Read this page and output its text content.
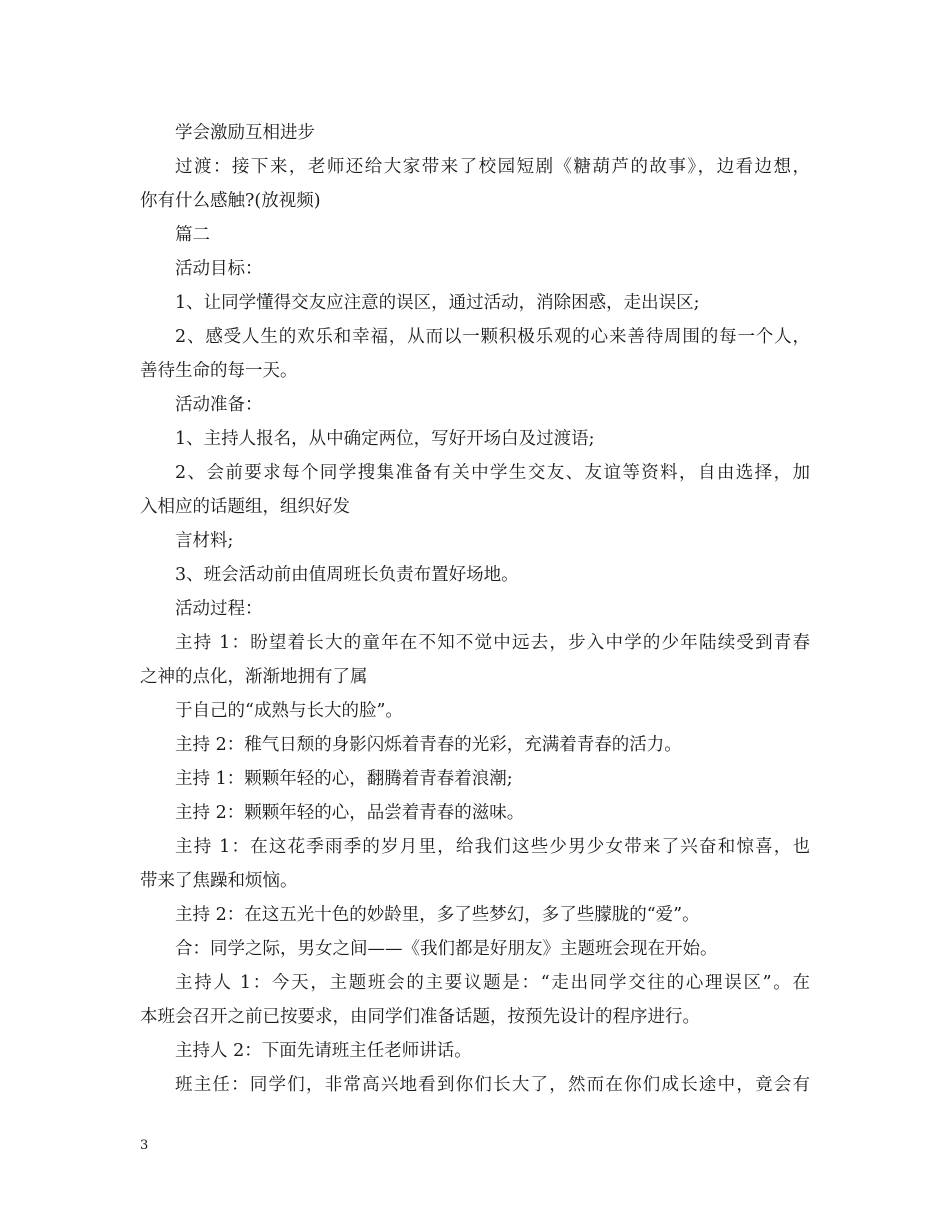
学会激励互相进步
过渡：接下来，老师还给大家带来了校园短剧《糖葫芦的故事》，边看边想，
你有什么感触?(放视频)
篇二
活动目标：
1、让同学懂得交友应注意的误区，通过活动，消除困惑，走出误区;
2、感受人生的欢乐和幸福，从而以一颗积极乐观的心来善待周围的每一个人，
善待生命的每一天。
活动准备：
1、主持人报名，从中确定两位，写好开场白及过渡语;
2、会前要求每个同学搜集准备有关中学生交友、友谊等资料，自由选择，加
入相应的话题组，组织好发
言材料;
3、班会活动前由值周班长负责布置好场地。
活动过程：
主持 1：盼望着长大的童年在不知不觉中远去，步入中学的少年陆续受到青春
之神的点化，渐渐地拥有了属
于自己的“成熟与长大的脸”。
主持 2：稚气日颓的身影闪烁着青春的光彩，充满着青春的活力。
主持 1：颗颗年轻的心，翻腾着青春着浪潮;
主持 2：颗颗年轻的心，品尝着青春的滋味。
主持 1：在这花季雨季的岁月里，给我们这些少男少女带来了兴奋和惊喜，也
带来了焦躁和烦恼。
主持 2：在这五光十色的妙龄里，多了些梦幻，多了些朦胧的“爱”。
合：同学之际，男女之间——《我们都是好朋友》主题班会现在开始。
主持人 1：今天，主题班会的主要议题是：“走出同学交往的心理误区”。在
本班会召开之前已按要求，由同学们准备话题，按预先设计的程序进行。
主持人 2：下面先请班主任老师讲话。
班主任：同学们，非常高兴地看到你们长大了，然而在你们成长途中，竟会有
3
